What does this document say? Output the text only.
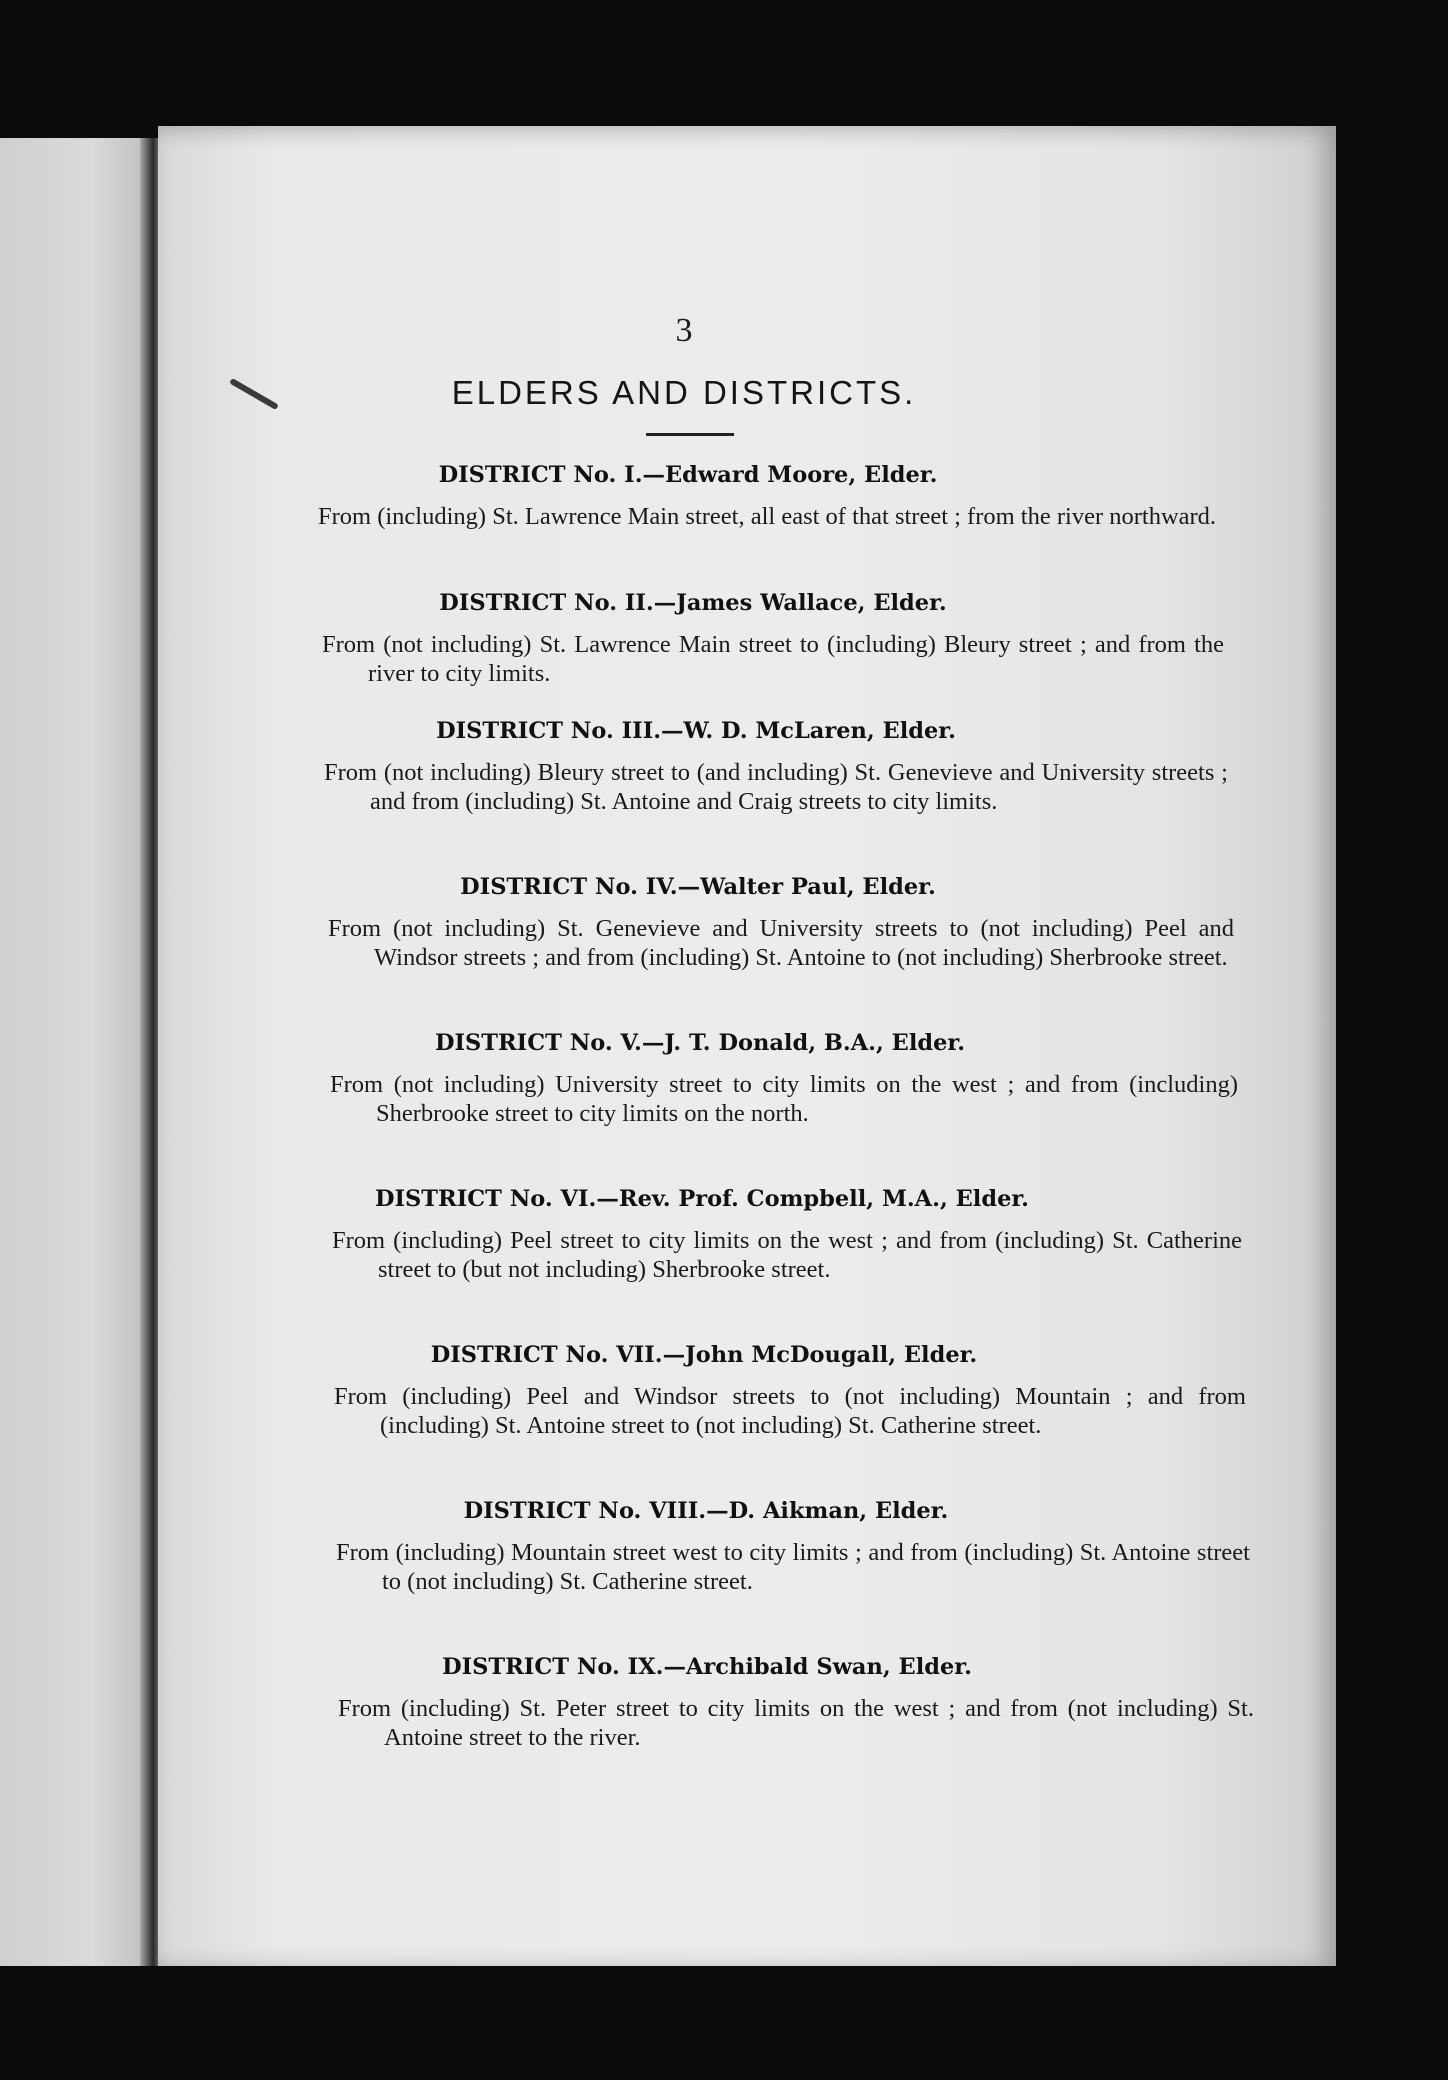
3
ELDERS AND DISTRICTS.
DISTRICT No. I.—Edward Moore, Elder.
From (including) St. Lawrence Main street, all east of that street ; from the river northward.
DISTRICT No. II.—James Wallace, Elder.
From (not including) St. Lawrence Main street to (including) Bleury street ; and from the river to city limits.
DISTRICT No. III.—W. D. McLaren, Elder.
From (not including) Bleury street to (and including) St. Genevieve and University streets ; and from (including) St. Antoine and Craig streets to city limits.
DISTRICT No. IV.—Walter Paul, Elder.
From (not including) St. Genevieve and University streets to (not including) Peel and Windsor streets ; and from (including) St. Antoine to (not including) Sherbrooke street.
DISTRICT No. V.—J. T. Donald, B.A., Elder.
From (not including) University street to city limits on the west ; and from (including) Sherbrooke street to city limits on the north.
DISTRICT No. VI.—Rev. Prof. Compbell, M.A., Elder.
From (including) Peel street to city limits on the west ; and from (including) St. Catherine street to (but not including) Sherbrooke street.
DISTRICT No. VII.—John McDougall, Elder.
From (including) Peel and Windsor streets to (not including) Mountain ; and from (including) St. Antoine street to (not including) St. Catherine street.
DISTRICT No. VIII.—D. Aikman, Elder.
From (including) Mountain street west to city limits ; and from (including) St. Antoine street to (not including) St. Catherine street.
DISTRICT No. IX.—Archibald Swan, Elder.
From (including) St. Peter street to city limits on the west ; and from (not including) St. Antoine street to the river.
